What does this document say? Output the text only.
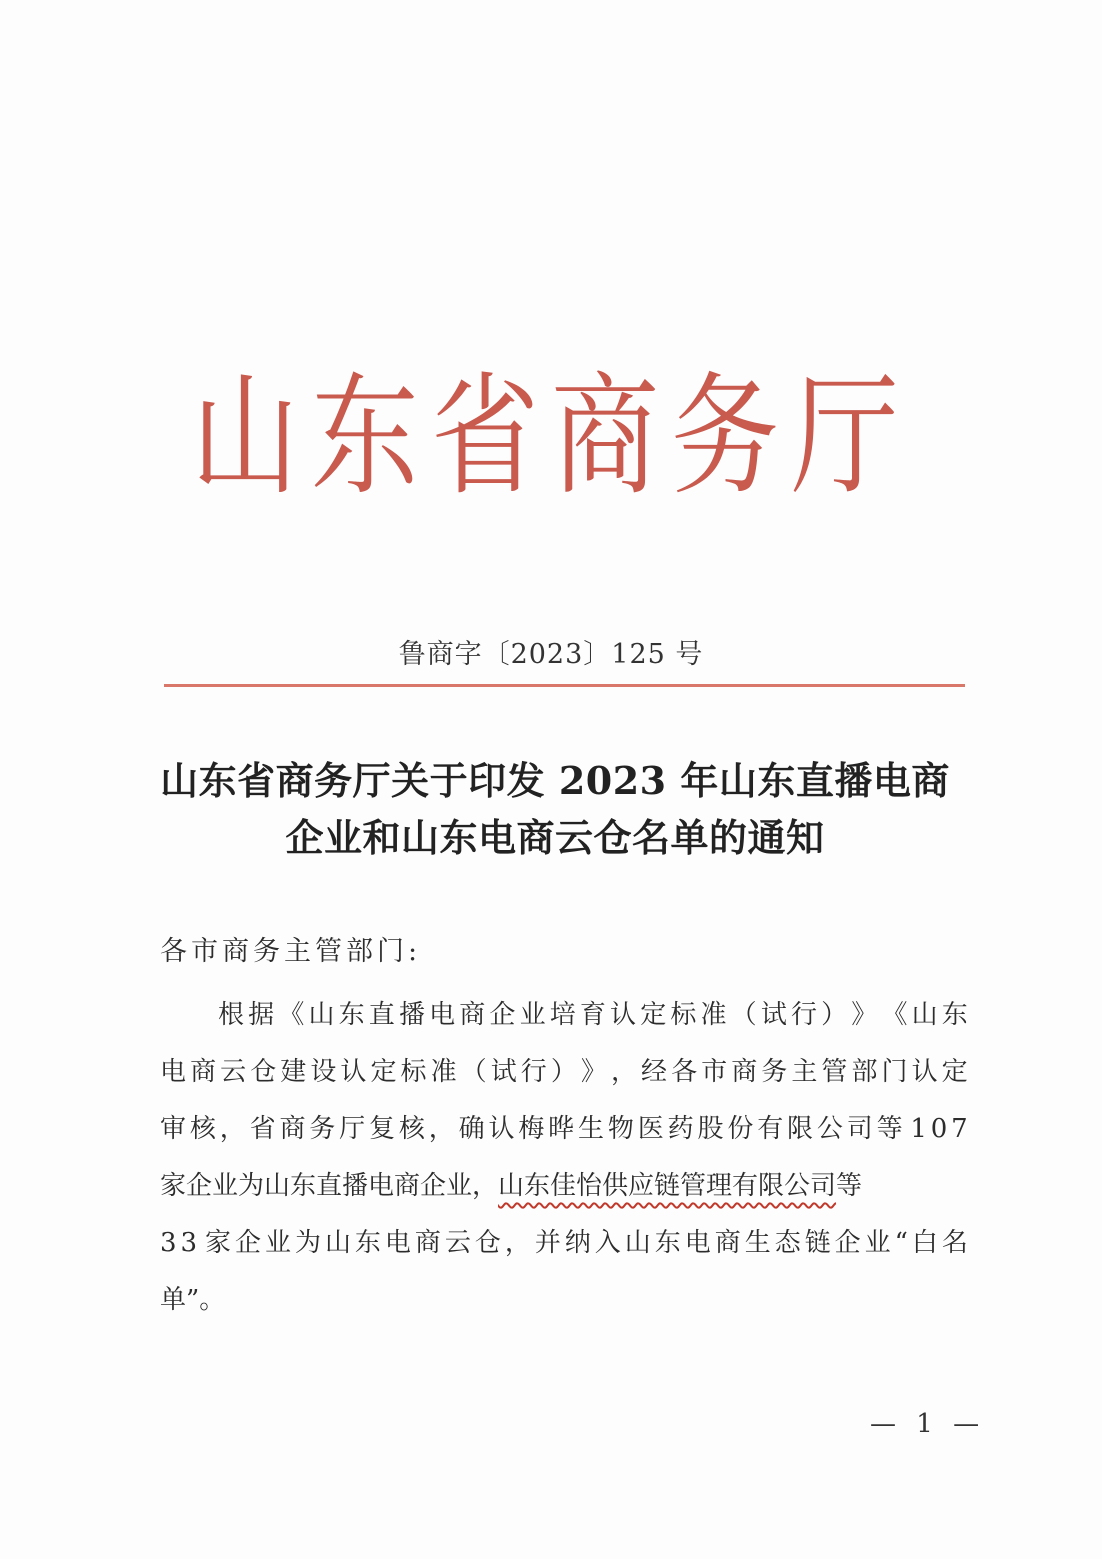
山东省商务厅
鲁商字〔2023〕125 号
山东省商务厅关于印发 2023 年山东直播电商
企业和山东电商云仓名单的通知
各市商务主管部门:
根 据 《 山 东 直 播 电 商 企 业 培 育 认 定 标 准 （ 试 行 ） 》 《 山 东
电 商 云 仓 建 设 认 定 标 准 （ 试 行 ） 》 ， 经 各 市 商 务 主 管 部 门 认 定
审 核 ， 省 商 务 厅 复 核 ， 确 认 梅 晔 生 物 医 药 股 份 有 限 公 司 等 1 0 7
家企业为山东直播电商企业，山东佳怡供应链管理有限公司等
3 3 家 企 业 为 山 东 电 商 云 仓 ， 并 纳 入 山 东 电 商 生 态 链 企 业 “ 白 名
单”。
— 1 —
